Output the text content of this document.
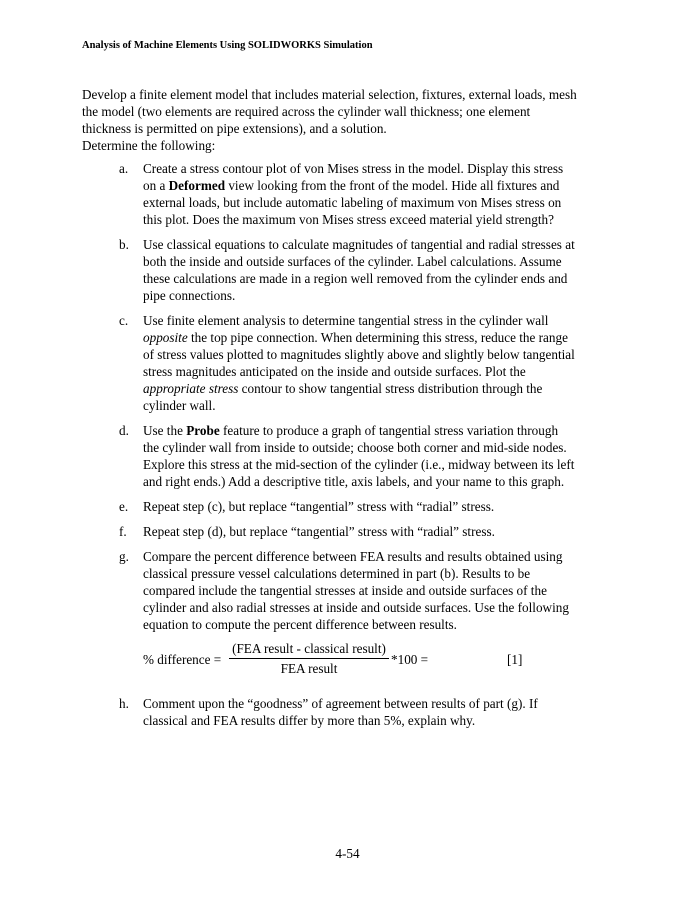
Analysis of Machine Elements Using SOLIDWORKS Simulation

Develop a finite element model that includes material selection, fixtures, external loads, mesh the model (two elements are required across the cylinder wall thickness; one element thickness is permitted on pipe extensions), and a solution.

Determine the following:

a. Create a stress contour plot of von Mises stress in the model. Display this stress on a Deformed view looking from the front of the model. Hide all fixtures and external loads, but include automatic labeling of maximum von Mises stress on this plot. Does the maximum von Mises stress exceed material yield strength?
b. Use classical equations to calculate magnitudes of tangential and radial stresses at both the inside and outside surfaces of the cylinder. Label calculations. Assume these calculations are made in a region well removed from the cylinder ends and pipe connections.
c. Use finite element analysis to determine tangential stress in the cylinder wall opposite the top pipe connection. When determining this stress, reduce the range of stress values plotted to magnitudes slightly above and slightly below tangential stress magnitudes anticipated on the inside and outside surfaces. Plot the appropriate stress contour to show tangential stress distribution through the cylinder wall.
d. Use the Probe feature to produce a graph of tangential stress variation through the cylinder wall from inside to outside; choose both corner and mid-side nodes. Explore this stress at the mid-section of the cylinder (i.e., midway between its left and right ends.) Add a descriptive title, axis labels, and your name to this graph.
e. Repeat step (c), but replace “tangential” stress with “radial” stress.
f. Repeat step (d), but replace “tangential” stress with “radial” stress.
g. Compare the percent difference between FEA results and results obtained using classical pressure vessel calculations determined in part (b). Results to be compared include the tangential stresses at inside and outside surfaces of the cylinder and also radial stresses at inside and outside surfaces. Use the following equation to compute the percent difference between results.
% difference =
(FEA result - classical result)
FEA result
*100 =	[1]
h. Comment upon the “goodness” of agreement between results of part (g). If classical and FEA results differ by more than 5%, explain why.
4-54
